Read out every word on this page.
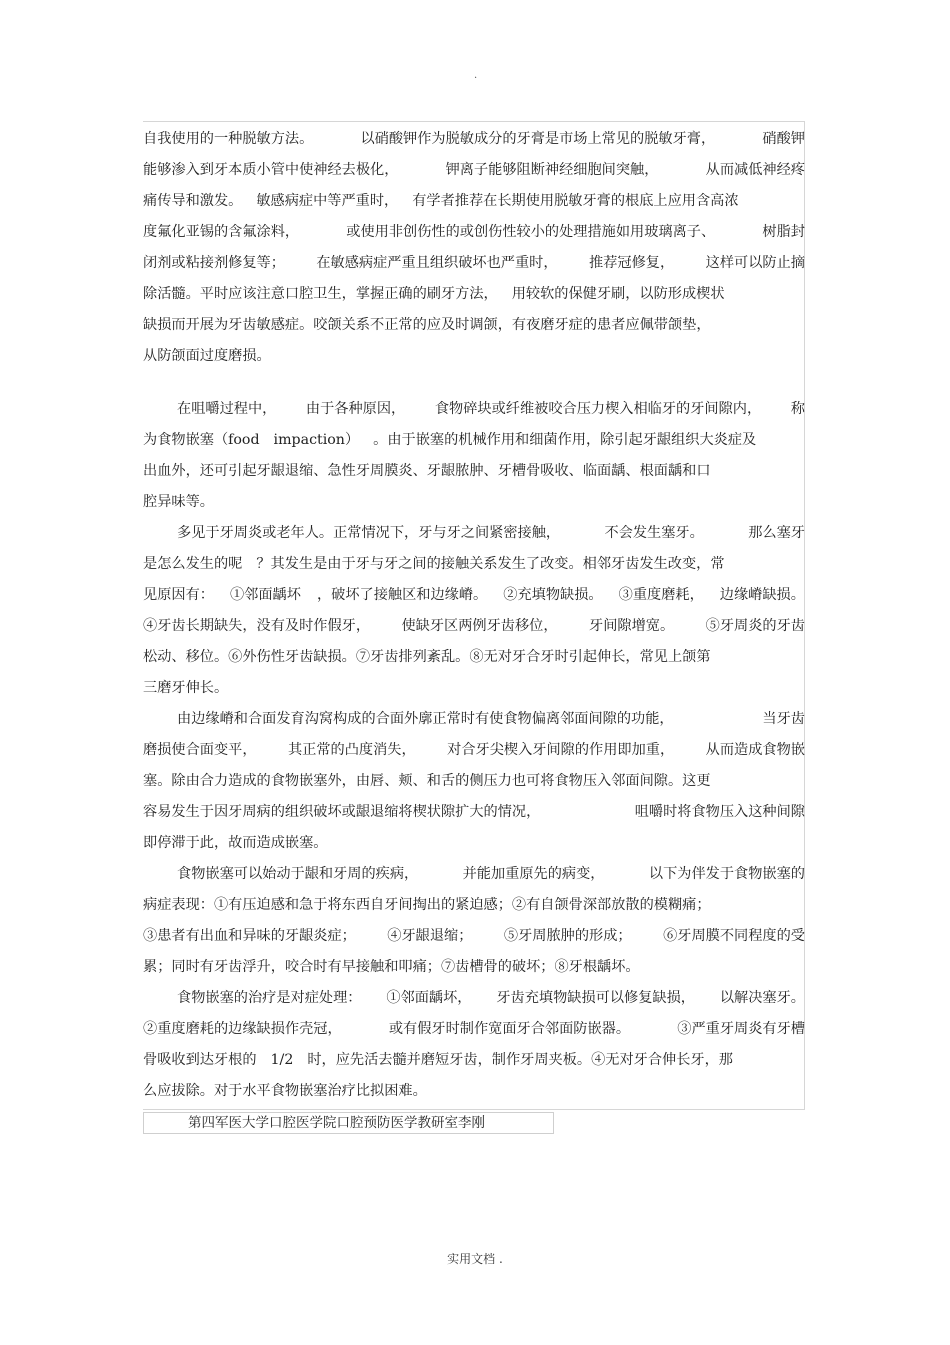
.
自我使用的一种脱敏方法。	以硝酸钾作为脱敏成分的牙膏是市场上常见的脱敏牙膏，	硝酸钾
能够渗入到牙本质小管中使神经去极化，	钾离子能够阻断神经细胞间突触，	从而减低神经疼
痛传导和激发。 敏感病症中等严重时， 有学者推荐在长期使用脱敏牙膏的根底上应用含高浓
度氟化亚锡的含氟涂料，	或使用非创伤性的或创伤性较小的处理措施如用玻璃离子、	树脂封
闭剂或粘接剂修复等； 在敏感病症严重且组织破坏也严重时， 推荐冠修复， 这样可以防止摘
除活髓。平时应该注意口腔卫生，掌握正确的刷牙方法， 用较软的保健牙刷，以防形成楔状
缺损而开展为牙齿敏感症。咬颌关系不正常的应及时调颌，有夜磨牙症的患者应佩带颌垫，
从防颌面过度磨损。
在咀嚼过程中， 由于各种原因， 食物碎块或纤维被咬合压力楔入相临牙的牙间隙内， 称
为食物嵌塞（food impaction） 。由于嵌塞的机械作用和细菌作用，除引起牙龈组织大炎症及
出血外，还可引起牙龈退缩、急性牙周膜炎、牙龈脓肿、牙槽骨吸收、临面龋、根面龋和口
腔异味等。
多见于牙周炎或老年人。正常情况下，牙与牙之间紧密接触，	不会发生塞牙。	那么塞牙
是怎么发生的呢 ？其发生是由于牙与牙之间的接触关系发生了改变。相邻牙齿发生改变，常
见原因有： ①邻面龋坏 ，破坏了接触区和边缘嵴。 ②充填物缺损。 ③重度磨耗， 边缘嵴缺损。
④牙齿长期缺失，没有及时作假牙， 使缺牙区两例牙齿移位， 牙间隙增宽。 ⑤牙周炎的牙齿
松动、移位。⑥外伤性牙齿缺损。⑦牙齿排列紊乱。⑧无对牙合牙时引起伸长，常见上颌第
三磨牙伸长。
由边缘嵴和合面发育沟窝构成的合面外廓正常时有使食物偏离邻面间隙的功能，	当牙齿
磨损使合面变平， 其正常的凸度消失， 对合牙尖楔入牙间隙的作用即加重， 从而造成食物嵌
塞。除由合力造成的食物嵌塞外，由唇、颊、和舌的侧压力也可将食物压入邻面间隙。这更
容易发生于因牙周病的组织破坏或龈退缩将楔状隙扩大的情况，	咀嚼时将食物压入这种间隙
即停滞于此，故而造成嵌塞。
食物嵌塞可以始动于龈和牙周的疾病，	并能加重原先的病变，	以下为伴发于食物嵌塞的
病症表现：①有压迫感和急于将东西自牙间掏出的紧迫感；②有自颌骨深部放散的模糊痛；
③患者有出血和异味的牙龈炎症； ④牙龈退缩； ⑤牙周脓肿的形成； ⑥牙周膜不同程度的受
累；同时有牙齿浮升，咬合时有早接触和叩痛；⑦齿槽骨的破坏；⑧牙根龋坏。
食物嵌塞的治疗是对症处理： ①邻面龋坏， 牙齿充填物缺损可以修复缺损， 以解决塞牙。
②重度磨耗的边缘缺损作壳冠，	或有假牙时制作宽面牙合邻面防嵌器。	③严重牙周炎有牙槽
骨吸收到达牙根的 1/2 时，应先活去髓并磨短牙齿，制作牙周夹板。④无对牙合伸长牙，那
么应拔除。对于水平食物嵌塞治疗比拟困难。
第四军医大学口腔医学院口腔预防医学教研室李刚
实用文档 .
